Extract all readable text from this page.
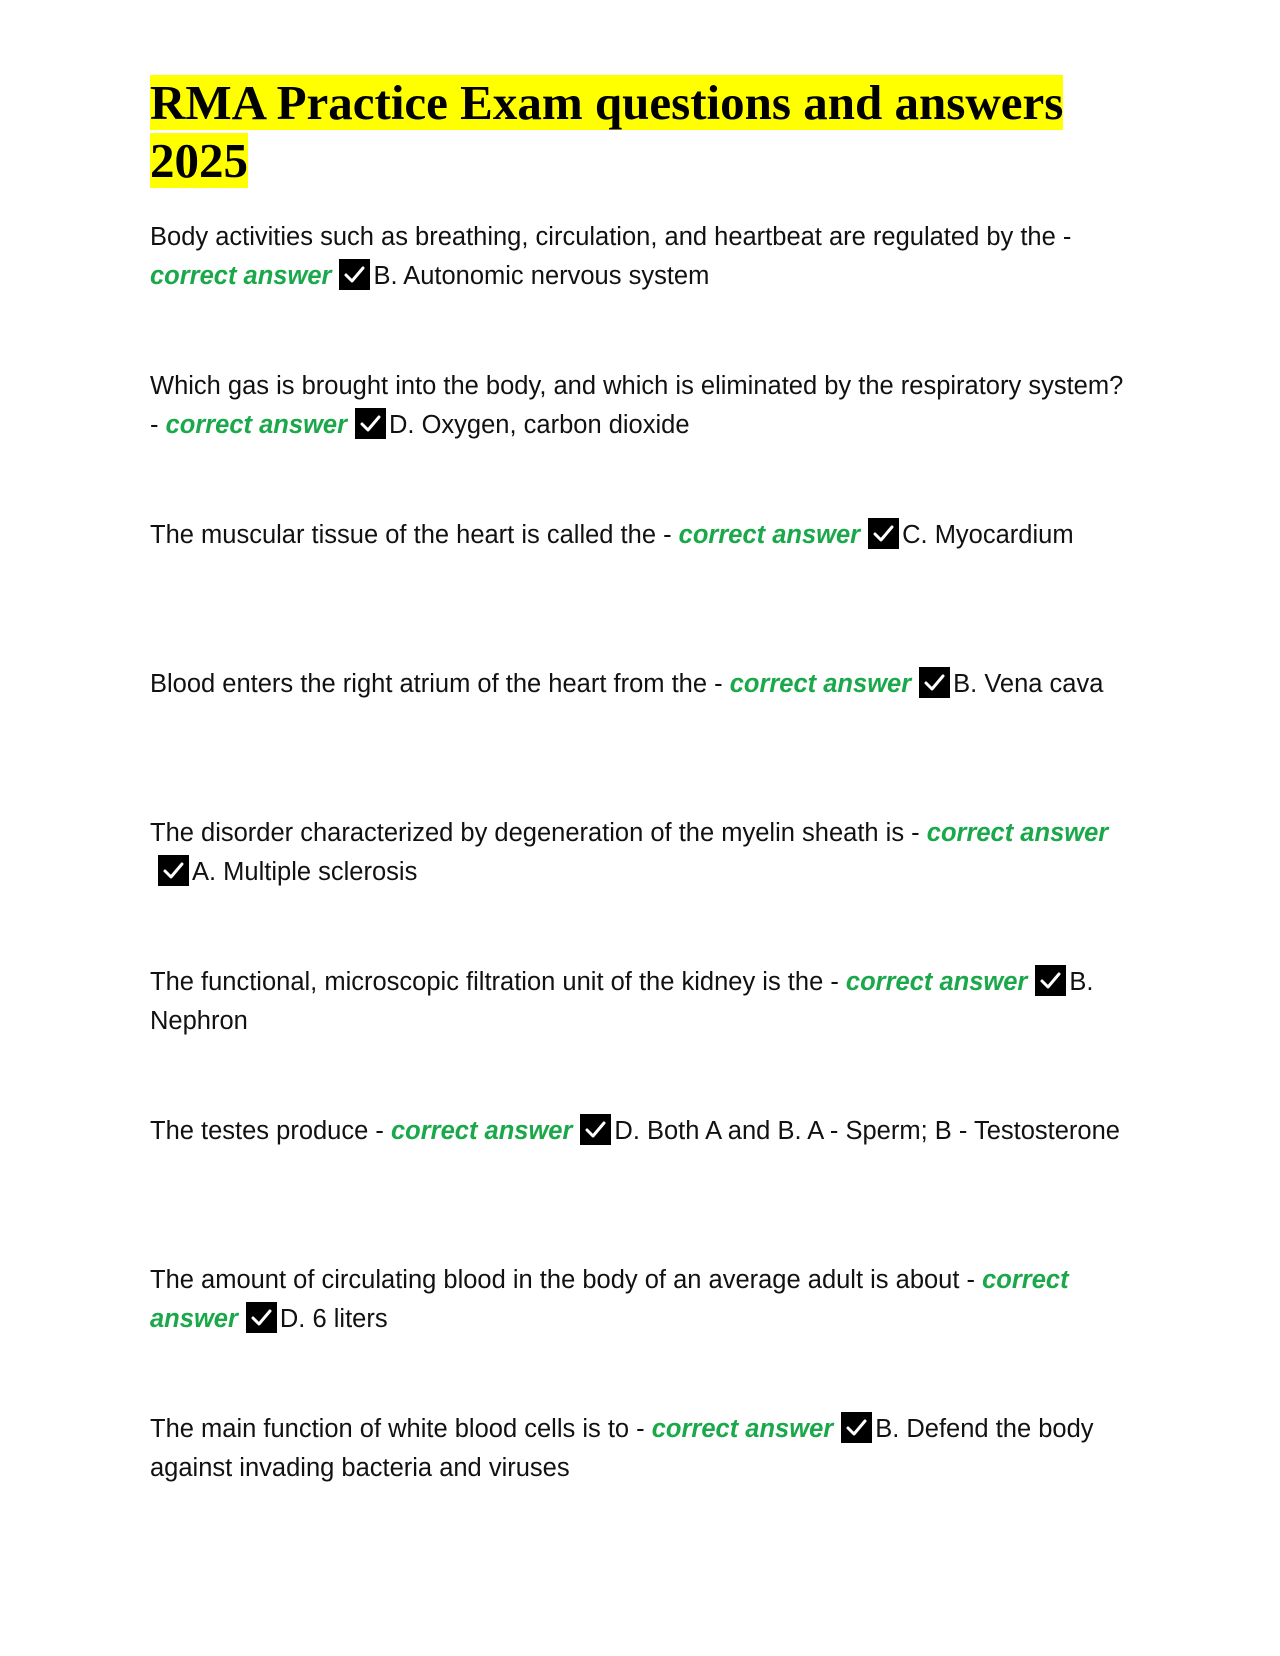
RMA Practice Exam questions and answers 2025

Body activities such as breathing, circulation, and heartbeat are regulated by the - correct answer B. Autonomic nervous system

Which gas is brought into the body, and which is eliminated by the respiratory system? - correct answer D. Oxygen, carbon dioxide

The muscular tissue of the heart is called the - correct answer C. Myocardium

Blood enters the right atrium of the heart from the - correct answer B. Vena cava

The disorder characterized by degeneration of the myelin sheath is - correct answer
A. Multiple sclerosis

The functional, microscopic filtration unit of the kidney is the - correct answer B. Nephron

The testes produce - correct answer D. Both A and B. A - Sperm; B - Testosterone

The amount of circulating blood in the body of an average adult is about - correct answer D. 6 liters

The main function of white blood cells is to - correct answer B. Defend the body against invading bacteria and viruses
